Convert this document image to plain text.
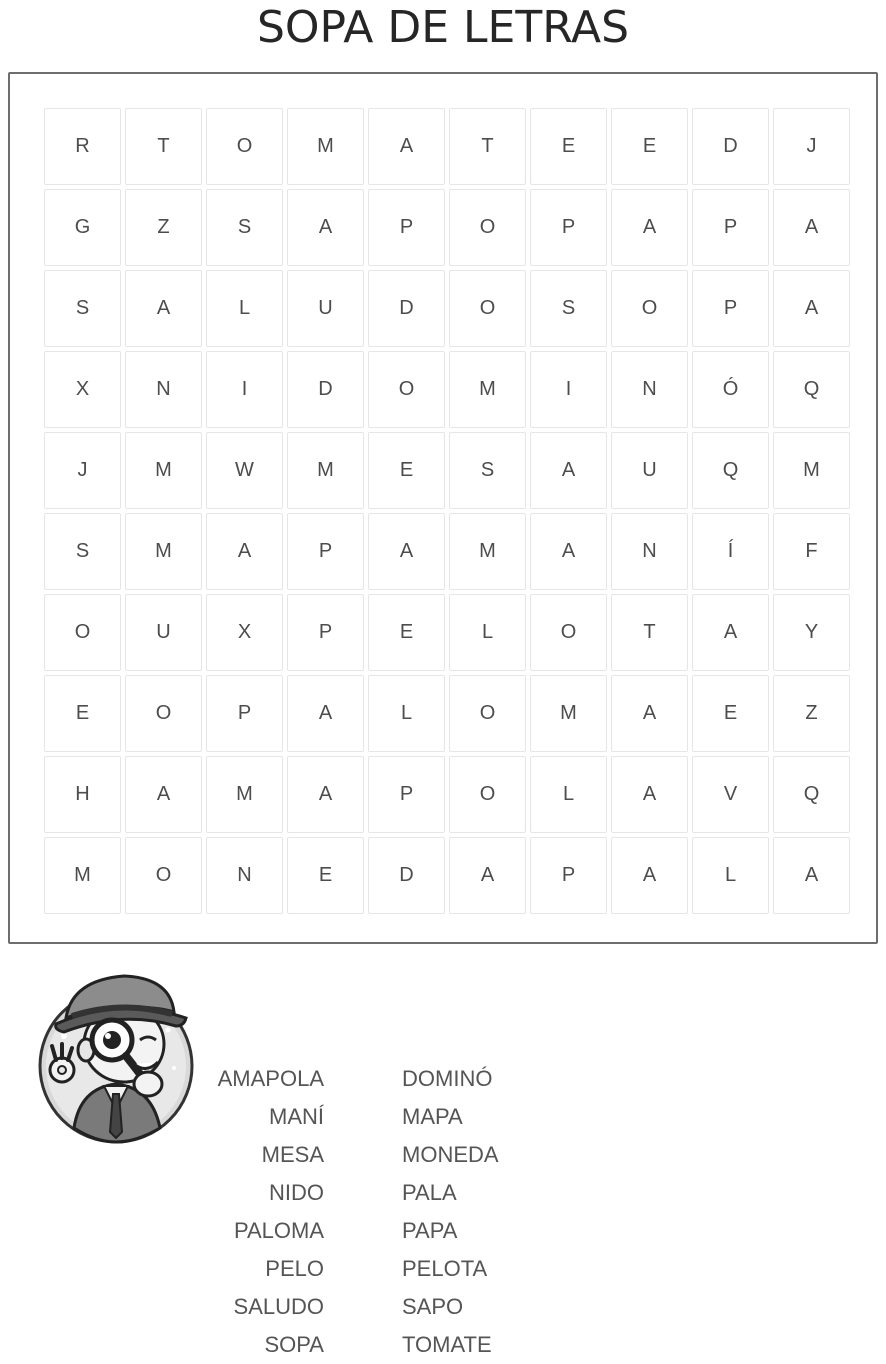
SOPA DE LETRAS
R	T	O	M	A	T	E	E	D	J
G	Z	S	A	P	O	P	A	P	A
S	A	L	U	D	O	S	O	P	A
X	N	I	D	O	M	I	N	Ó	Q
J	M	W	M	E	S	A	U	Q	M
S	M	A	P	A	M	A	N	Í	F
O	U	X	P	E	L	O	T	A	Y
E	O	P	A	L	O	M	A	E	Z
H	A	M	A	P	O	L	A	V	Q
M	O	N	E	D	A	P	A	L	A
AMAPOLA
MANÍ
MESA
NIDO
PALOMA
PELO
SALUDO
SOPA
DOMINÓ
MAPA
MONEDA
PALA
PAPA
PELOTA
SAPO
TOMATE
